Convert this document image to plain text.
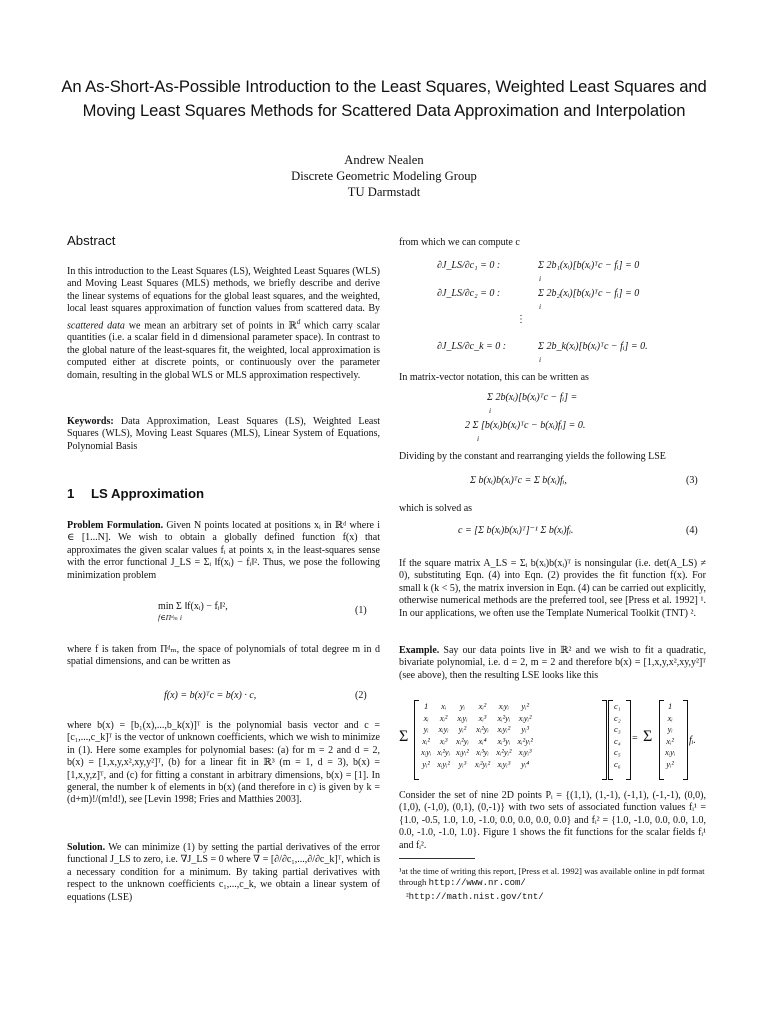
An As-Short-As-Possible Introduction to the Least Squares, Weighted Least Squares and Moving Least Squares Methods for Scattered Data Approximation and Interpolation
Andrew Nealen
Discrete Geometric Modeling Group
TU Darmstadt
Abstract

In this introduction to the Least Squares (LS), Weighted Least Squares (WLS) and Moving Least Squares (MLS) methods, we briefly describe and derive the linear systems of equations for the global least squares, and the weighted, local least squares approximation of function values from scattered data. By scattered data we mean an arbitrary set of points in ℝ$^d$ which carry scalar quantities (i.e. a scalar field in d dimensional parameter space). In contrast to the global nature of the least-squares fit, the weighted, local approximation is computed either at discrete points, or continuously over the parameter domain, resulting in the global WLS or MLS approximation respectively.

Keywords: Data Approximation, Least Squares (LS), Weighted Least Squares (WLS), Moving Least Squares (MLS), Linear System of Equations, Polynomial Basis

1 LS Approximation

Problem Formulation. Given N points located at positions xᵢ in ℝᵈ where i ∈ [1...N]. We wish to obtain a globally defined function f(x) that approximates the given scalar values fᵢ at points xᵢ in the least-squares sense with the error functional J_LS = Σᵢ ‖f(xᵢ) − fᵢ‖². Thus, we pose the following minimization problem

min Σ ‖f(xᵢ) − fᵢ‖²,
f∈Πᵈₘ i
(1)

where f is taken from Πᵈₘ, the space of polynomials of total degree m in d spatial dimensions, and can be written as

f(x) = b(x)ᵀc = b(x) · c,	(2)

where b(x) = [b₁(x),...,b_k(x)]ᵀ is the polynomial basis vector and c = [c₁,...,c_k]ᵀ is the vector of unknown coefficients, which we wish to minimize in (1). Here some examples for polynomial bases: (a) for m = 2 and d = 2, b(x) = [1,x,y,x²,xy,y²]ᵀ, (b) for a linear fit in ℝ³ (m = 1, d = 3), b(x) = [1,x,y,z]ᵀ, and (c) for fitting a constant in arbitrary dimensions, b(x) = [1]. In general, the number k of elements in b(x) (and therefore in c) is given by k = (d+m)!/(m!d!), see [Levin 1998; Fries and Matthies 2003].

Solution. We can minimize (1) by setting the partial derivatives of the error functional J_LS to zero, i.e. ∇J_LS = 0 where ∇ = [∂/∂c₁,...,∂/∂c_k]ᵀ, which is a necessary condition for a minimum. By taking partial derivatives with respect to the unknown coefficients c₁,...,c_k, we obtain a linear system of equations (LSE)

from which we can compute c

∂J_LS/∂c₁ = 0 :	Σ 2b₁(xᵢ)[b(xᵢ)ᵀc − fᵢ] = 0
i
∂J_LS/∂c₂ = 0 :	Σ 2b₂(xᵢ)[b(xᵢ)ᵀc − fᵢ] = 0
i
⋮
∂J_LS/∂c_k = 0 :	Σ 2b_k(xᵢ)[b(xᵢ)ᵀc − fᵢ] = 0.
i

In matrix-vector notation, this can be written as

Σ 2b(xᵢ)[b(xᵢ)ᵀc − fᵢ] =
i
2 Σ [b(xᵢ)b(xᵢ)ᵀc − b(xᵢ)fᵢ] = 0.
i

Dividing by the constant and rearranging yields the following LSE

Σ b(xᵢ)b(xᵢ)ᵀc = Σ b(xᵢ)fᵢ,	(3)

which is solved as

c = [Σ b(xᵢ)b(xᵢ)ᵀ]⁻¹ Σ b(xᵢ)fᵢ.	(4)

If the square matrix A_LS = Σᵢ b(xᵢ)b(xᵢ)ᵀ is nonsingular (i.e. det(A_LS) ≠ 0), substituting Eqn. (4) into Eqn. (2) provides the fit function f(x). For small k (k < 5), the matrix inversion in Eqn. (4) can be carried out explicitly, otherwise numerical methods are the preferred tool, see [Press et al. 1992] ¹. In our applications, we often use the Template Numerical Toolkit (TNT) ².

Example. Say our data points live in ℝ² and we wish to fit a quadratic, bivariate polynomial, i.e. d = 2, m = 2 and therefore b(x) = [1,x,y,x²,xy,y²]ᵀ (see above), then the resulting LSE looks like this

Σ
1	xᵢ	yᵢ	xᵢ²	xᵢyᵢ	yᵢ²
xᵢ	xᵢ²	xᵢyᵢ	xᵢ³	xᵢ²yᵢ	xᵢyᵢ²
yᵢ	xᵢyᵢ	yᵢ²	xᵢ²yᵢ	xᵢyᵢ²	yᵢ³
xᵢ²	xᵢ³	xᵢ²yᵢ	xᵢ⁴	xᵢ³yᵢ	xᵢ²yᵢ²
xᵢyᵢ	xᵢ²yᵢ	xᵢyᵢ²	xᵢ³yᵢ	xᵢ²yᵢ²	xᵢyᵢ³
yᵢ²	xᵢyᵢ²	yᵢ³	xᵢ²yᵢ²	xᵢyᵢ³	yᵢ⁴
c₁
c₂
c₃
c₄
c₅
c₆
= Σ
1
xᵢ
yᵢ
xᵢ²
xᵢyᵢ
yᵢ²
fᵢ.

Consider the set of nine 2D points Pᵢ = {(1,1), (1,-1), (-1,1), (-1,-1), (0,0), (1,0), (-1,0), (0,1), (0,-1)} with two sets of associated function values fᵢ¹ = {1.0, -0.5, 1.0, 1.0, -1.0, 0.0, 0.0, 0.0, 0.0} and fᵢ² = {1.0, -1.0, 0.0, 0.0, 1.0, 0.0, -1.0, -1.0, 1.0}. Figure 1 shows the fit functions for the scalar fields fᵢ¹ and fᵢ².

¹at the time of writing this report, [Press et al. 1992] was available online in pdf format through http://www.nr.com/
²http://math.nist.gov/tnt/
